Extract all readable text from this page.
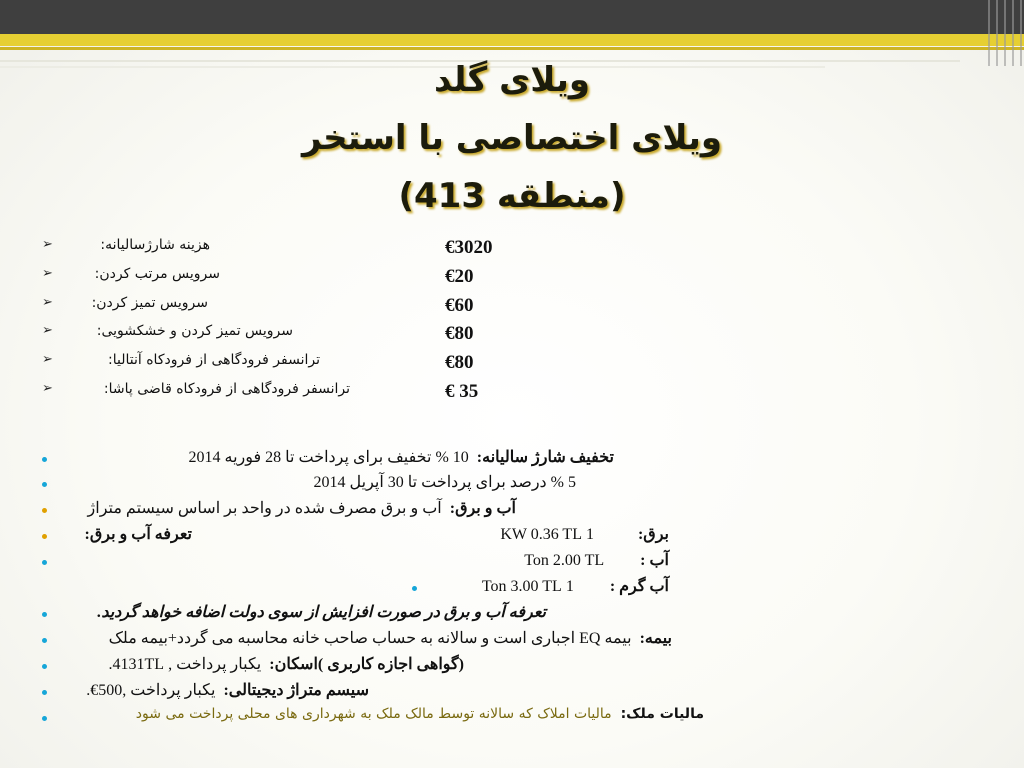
ویلای گلد
ویلای اختصاصی با استخر
(منطقه 413)
➢	هزینه شارژسالیانه:	€3020
➢	سرویس مرتب کردن:	€20
➢	سرویس تمیز کردن:	€60
➢	سرویس تمیز کردن و خشکشویی:	€80
➢	ترانسفر فرودگاهی از فرودکاه آنتالیا:	€80
➢	ترانسفر فرودگاهی از فرودکاه قاضی پاشا:	€ 35
تخفیف شارژ سالیانه:  10 % تخفیف برای پرداخت تا 28 فوریه 2014
5 % درصد برای پرداخت تا 30 آپریل 2014
آب و برق:  آب و برق مصرف شده در واحد بر اساس سیستم متراژ
تعرفه آب و برق:	برق:           1 KW 0.36 TL
آب :         Ton 2.00 TL
آب گرم :         1 Ton 3.00 TL
تعرفه آب و برق در صورت افزایش از سوی دولت اضافه خواهد گردید.
بیمه:  بیمه EQ اجباری است و سالانه به حساب صاحب خانه محاسبه می گردد+بیمه ملک
(گواهی اجازه کاربری )اسکان:  یکبار پرداخت , 4131TL.
سیسم متراژ دیجیتالی:  یکبار پرداخت ,500€.
مالیات ملک:  مالیات املاک که سالانه توسط مالک ملک به شهرداری های محلی پرداخت می شود
